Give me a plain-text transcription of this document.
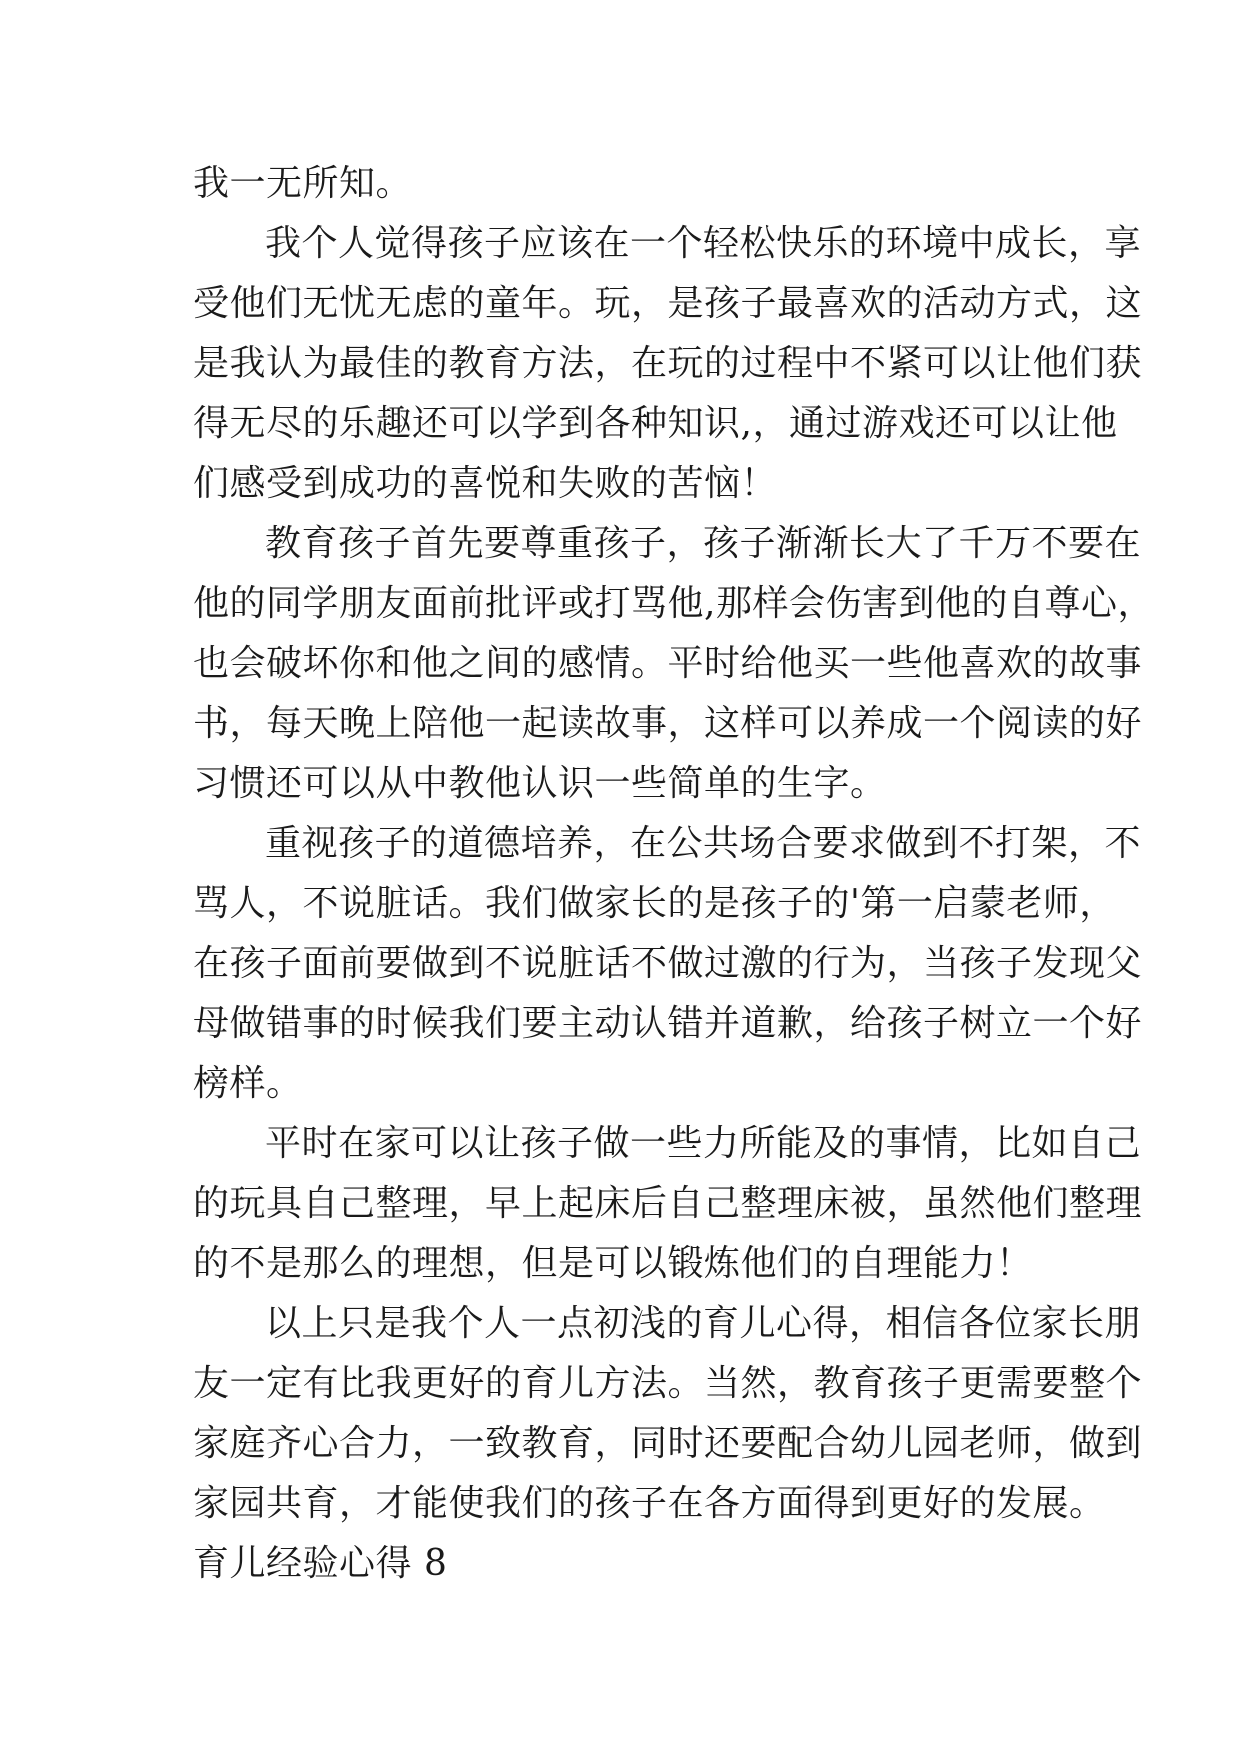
我一无所知。
我个人觉得孩子应该在一个轻松快乐的环境中成长，享
受他们无忧无虑的童年。玩，是孩子最喜欢的活动方式，这
是我认为最佳的教育方法，在玩的过程中不紧可以让他们获
得无尽的乐趣还可以学到各种知识,，通过游戏还可以让他
们感受到成功的喜悦和失败的苦恼！
教育孩子首先要尊重孩子，孩子渐渐长大了千万不要在
他的同学朋友面前批评或打骂他,那样会伤害到他的自尊心，
也会破坏你和他之间的感情。平时给他买一些他喜欢的故事
书，每天晚上陪他一起读故事，这样可以养成一个阅读的好
习惯还可以从中教他认识一些简单的生字。
重视孩子的道德培养，在公共场合要求做到不打架，不
骂人，不说脏话。我们做家长的是孩子的'第一启蒙老师，
在孩子面前要做到不说脏话不做过激的行为，当孩子发现父
母做错事的时候我们要主动认错并道歉，给孩子树立一个好
榜样。
平时在家可以让孩子做一些力所能及的事情，比如自己
的玩具自己整理，早上起床后自己整理床被，虽然他们整理
的不是那么的理想，但是可以锻炼他们的自理能力！
以上只是我个人一点初浅的育儿心得，相信各位家长朋
友一定有比我更好的育儿方法。当然，教育孩子更需要整个
家庭齐心合力，一致教育，同时还要配合幼儿园老师，做到
家园共育，才能使我们的孩子在各方面得到更好的发展。
育儿经验心得 8
